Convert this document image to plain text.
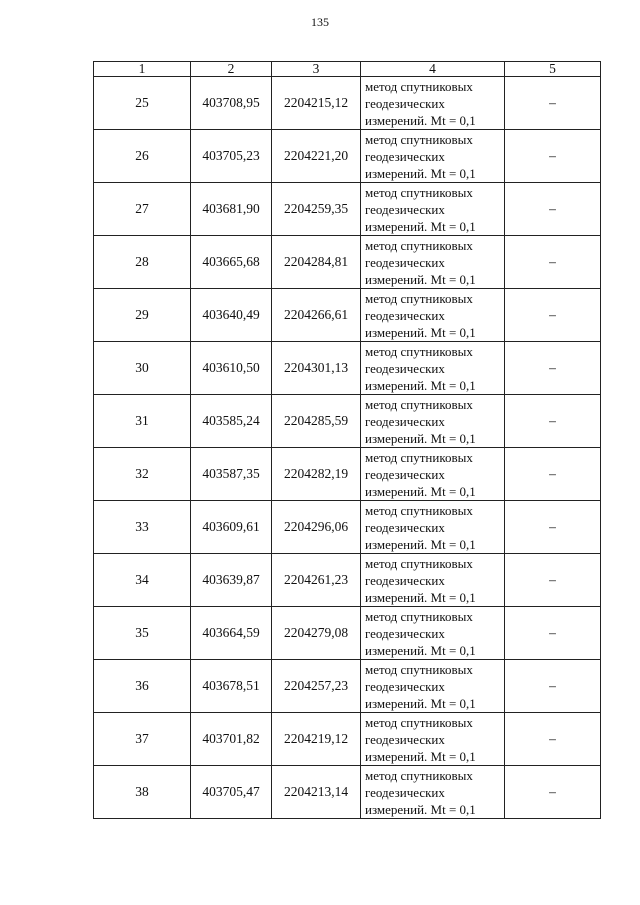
135
1	2	3	4	5
25	403708,95	2204215,12	метод спутниковых
геодезических
измерений. Mt = 0,1	–
26	403705,23	2204221,20	метод спутниковых
геодезических
измерений. Mt = 0,1	–
27	403681,90	2204259,35	метод спутниковых
геодезических
измерений. Mt = 0,1	–
28	403665,68	2204284,81	метод спутниковых
геодезических
измерений. Mt = 0,1	–
29	403640,49	2204266,61	метод спутниковых
геодезических
измерений. Mt = 0,1	–
30	403610,50	2204301,13	метод спутниковых
геодезических
измерений. Mt = 0,1	–
31	403585,24	2204285,59	метод спутниковых
геодезических
измерений. Mt = 0,1	–
32	403587,35	2204282,19	метод спутниковых
геодезических
измерений. Mt = 0,1	–
33	403609,61	2204296,06	метод спутниковых
геодезических
измерений. Mt = 0,1	–
34	403639,87	2204261,23	метод спутниковых
геодезических
измерений. Mt = 0,1	–
35	403664,59	2204279,08	метод спутниковых
геодезических
измерений. Mt = 0,1	–
36	403678,51	2204257,23	метод спутниковых
геодезических
измерений. Mt = 0,1	–
37	403701,82	2204219,12	метод спутниковых
геодезических
измерений. Mt = 0,1	–
38	403705,47	2204213,14	метод спутниковых
геодезических
измерений. Mt = 0,1	–
